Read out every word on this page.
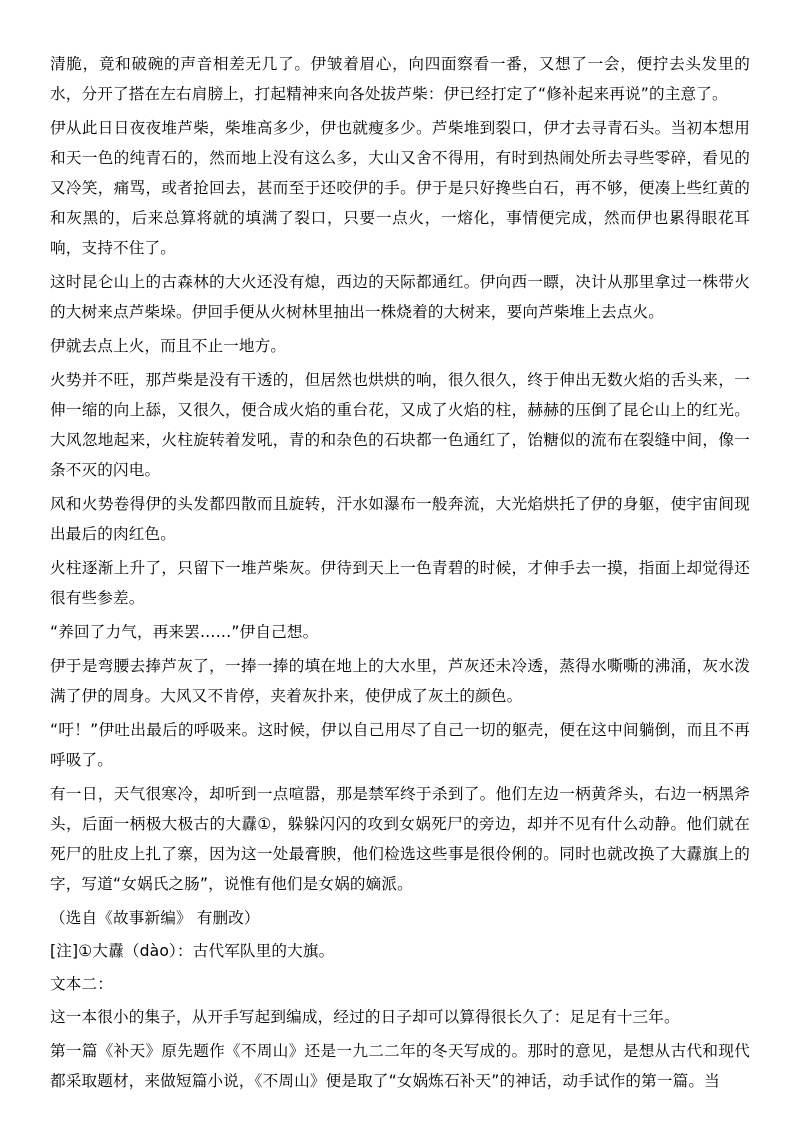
清脆，竟和破碗的声音相差无几了。伊皱着眉心，向四面察看一番，又想了一会，便拧去头发里的水，分开了搭在左右肩膀上，打起精神来向各处拔芦柴：伊已经打定了“修补起来再说”的主意了。

伊从此日日夜夜堆芦柴，柴堆高多少，伊也就瘦多少。芦柴堆到裂口，伊才去寻青石头。当初本想用和天一色的纯青石的，然而地上没有这么多，大山又舍不得用，有时到热闹处所去寻些零碎，看见的又冷笑，痛骂，或者抢回去，甚而至于还咬伊的手。伊于是只好搀些白石，再不够，便凑上些红黄的和灰黑的，后来总算将就的填满了裂口，只要一点火，一熔化，事情便完成，然而伊也累得眼花耳响，支持不住了。

这时昆仑山上的古森林的大火还没有熄，西边的天际都通红。伊向西一瞟，决计从那里拿过一株带火的大树来点芦柴垛。伊回手便从火树林里抽出一株烧着的大树来，要向芦柴堆上去点火。

伊就去点上火，而且不止一地方。

火势并不旺，那芦柴是没有干透的，但居然也烘烘的响，很久很久，终于伸出无数火焰的舌头来，一伸一缩的向上舔，又很久，便合成火焰的重台花，又成了火焰的柱，赫赫的压倒了昆仑山上的红光。大风忽地起来，火柱旋转着发吼，青的和杂色的石块都一色通红了，饴糖似的流布在裂缝中间，像一条不灭的闪电。

风和火势卷得伊的头发都四散而且旋转，汗水如瀑布一般奔流，大光焰烘托了伊的身躯，使宇宙间现出最后的肉红色。

火柱逐渐上升了，只留下一堆芦柴灰。伊待到天上一色青碧的时候，才伸手去一摸，指面上却觉得还很有些参差。

“养回了力气，再来罢……”伊自己想。

伊于是弯腰去捧芦灰了，一捧一捧的填在地上的大水里，芦灰还未冷透，蒸得水嘶嘶的沸涌，灰水泼满了伊的周身。大风又不肯停，夹着灰扑来，使伊成了灰土的颜色。

“吁！”伊吐出最后的呼吸来。这时候，伊以自己用尽了自己一切的躯壳，便在这中间躺倒，而且不再呼吸了。

有一日，天气很寒冷，却听到一点喧嚣，那是禁军终于杀到了。他们左边一柄黄斧头，右边一柄黑斧头，后面一柄极大极古的大纛①，躲躲闪闪的攻到女娲死尸的旁边，却并不见有什么动静。他们就在死尸的肚皮上扎了寨，因为这一处最膏腴，他们检选这些事是很伶俐的。同时也就改换了大纛旗上的字，写道“女娲氏之肠”，说惟有他们是女娲的嫡派。

（选自《故事新编》 有删改）

[注]①大纛（dào）：古代军队里的大旗。

文本二：

这一本很小的集子，从开手写起到编成，经过的日子却可以算得很长久了：足足有十三年。

第一篇《补天》原先题作《不周山》还是一九二二年的冬天写成的。那时的意见，是想从古代和现代都采取题材，来做短篇小说，《不周山》便是取了“女娲炼石补天”的神话，动手试作的第一篇。当
